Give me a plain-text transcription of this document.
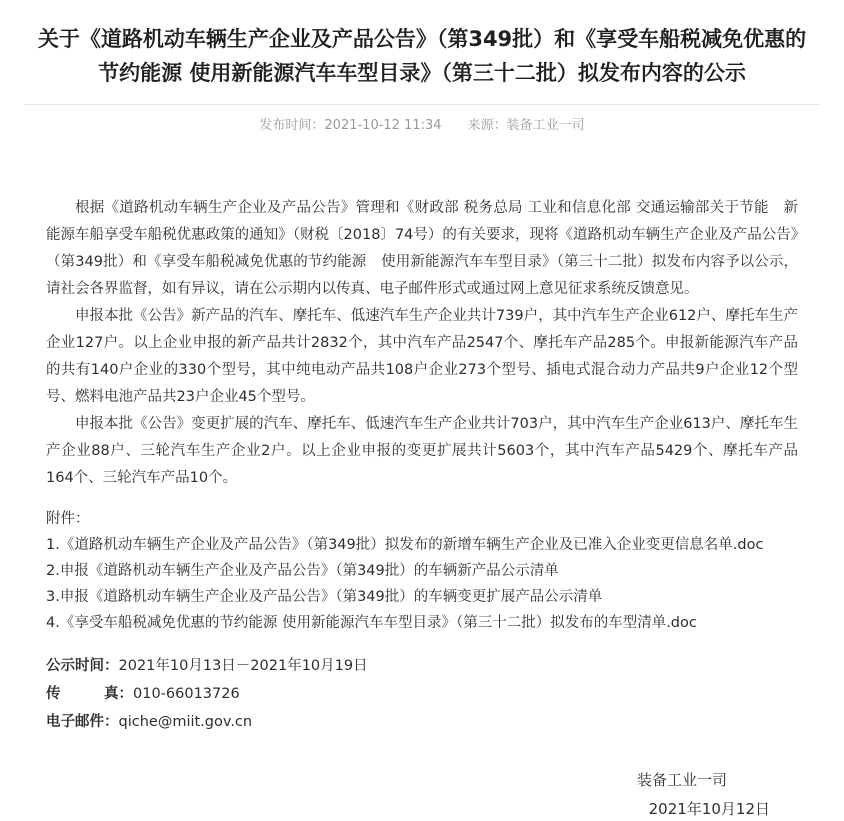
关于《道路机动车辆生产企业及产品公告》（第349批）和《享受车船税减免优惠的
节约能源 使用新能源汽车车型目录》（第三十二批）拟发布内容的公示
发布时间：2021-10-12 11:34 来源：装备工业一司

根据《道路机动车辆生产企业及产品公告》管理和《财政部 税务总局 工业和信息化部 交通运输部关于节能　新能源车船享受车船税优惠政策的通知》（财税〔2018〕74号）的有关要求，现将《道路机动车辆生产企业及产品公告》（第349批）和《享受车船税减免优惠的节约能源　使用新能源汽车车型目录》（第三十二批）拟发布内容予以公示，请社会各界监督，如有异议，请在公示期内以传真、电子邮件形式或通过网上意见征求系统反馈意见。

申报本批《公告》新产品的汽车、摩托车、低速汽车生产企业共计739户，其中汽车生产企业612户、摩托车生产企业127户。以上企业申报的新产品共计2832个，其中汽车产品2547个、摩托车产品285个。申报新能源汽车产品的共有140户企业的330个型号，其中纯电动产品共108户企业273个型号、插电式混合动力产品共9户企业12个型号、燃料电池产品共23户企业45个型号。

申报本批《公告》变更扩展的汽车、摩托车、低速汽车生产企业共计703户，其中汽车生产企业613户、摩托车生产企业88户、三轮汽车生产企业2户。以上企业申报的变更扩展共计5603个，其中汽车产品5429个、摩托车产品164个、三轮汽车产品10个。

附件：
1.《道路机动车辆生产企业及产品公告》（第349批）拟发布的新增车辆生产企业及已准入企业变更信息名单.doc
2.申报《道路机动车辆生产企业及产品公告》（第349批）的车辆新产品公示清单
3.申报《道路机动车辆生产企业及产品公告》（第349批）的车辆变更扩展产品公示清单
4.《享受车船税减免优惠的节约能源 使用新能源汽车车型目录》（第三十二批）拟发布的车型清单.doc
公示时间：2021年10月13日－2021年10月19日
传　　　真：010-66013726
电子邮件：qiche@miit.gov.cn
装备工业一司
2021年10月12日
